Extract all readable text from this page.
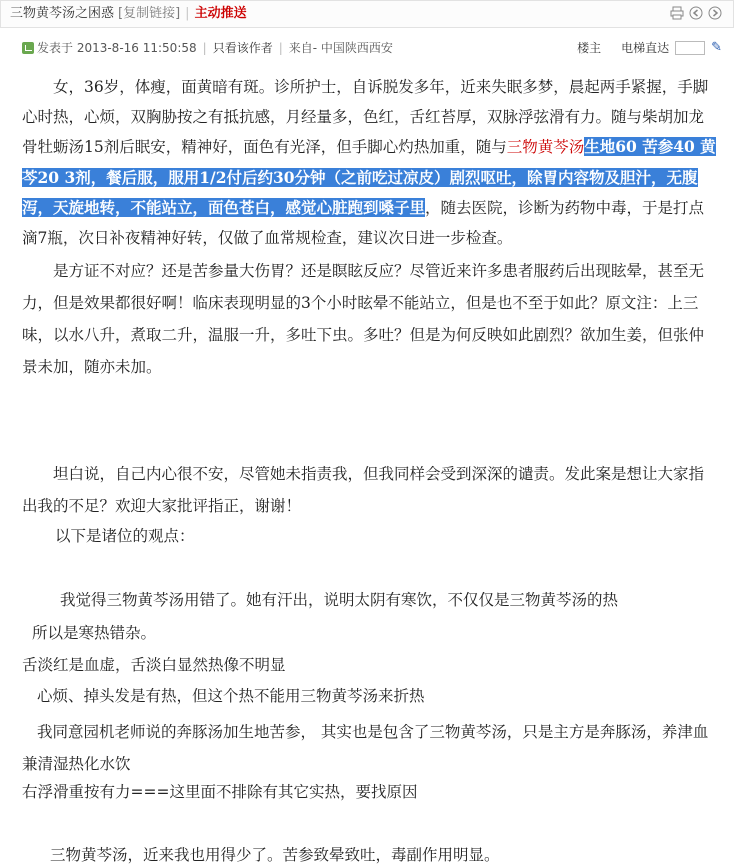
三物黄芩汤之困惑 [复制链接] | 主动推送
发表于 2013-8-16 11:50:58 | 只看该作者 | 来自- 中国陕西西安	楼主 电梯直达	✎
女，36岁，体瘦，面黄暗有斑。诊所护士，自诉脱发多年，近来失眠多梦，晨起两手紧握，手脚心时热，心烦，双胸胁按之有抵抗感，月经量多，色红，舌红苔厚，双脉浮弦滑有力。随与柴胡加龙骨牡蛎汤15剂后眠安，精神好，面色有光泽，但手脚心灼热加重，随与三物黄芩汤生地60 苦参40 黄芩20 3剂，餐后服，服用1/2付后约30分钟（之前吃过凉皮）剧烈呕吐，除胃内容物及胆汁，无腹泻，天旋地转，不能站立，面色苍白，感觉心脏跑到嗓子里，随去医院，诊断为药物中毒，于是打点滴7瓶，次日补夜精神好转，仅做了血常规检查，建议次日进一步检查。
是方证不对应？还是苦参量大伤胃？还是瞑眩反应？尽管近来许多患者服药后出现眩晕，甚至无力，但是效果都很好啊！临床表现明显的3个小时眩晕不能站立，但是也不至于如此？原文注：上三味，以水八升，煮取二升，温服一升，多吐下虫。多吐？但是为何反映如此剧烈？欲加生姜，但张仲景未加，随亦未加。
坦白说，自己内心很不安，尽管她未指责我，但我同样会受到深深的谴责。发此案是想让大家指出我的不足？欢迎大家批评指正，谢谢！
以下是诸位的观点：
我觉得三物黄芩汤用错了。她有汗出，说明太阴有寒饮，不仅仅是三物黄芩汤的热
所以是寒热错杂。
舌淡红是血虚，舌淡白显然热像不明显
心烦、掉头发是有热，但这个热不能用三物黄芩汤来折热
我同意园机老师说的奔豚汤加生地苦参， 其实也是包含了三物黄芩汤，只是主方是奔豚汤，养津血兼清湿热化水饮
右浮滑重按有力===这里面不排除有其它实热，要找原因
三物黄芩汤，近来我也用得少了。苦参致晕致吐，毒副作用明显。
